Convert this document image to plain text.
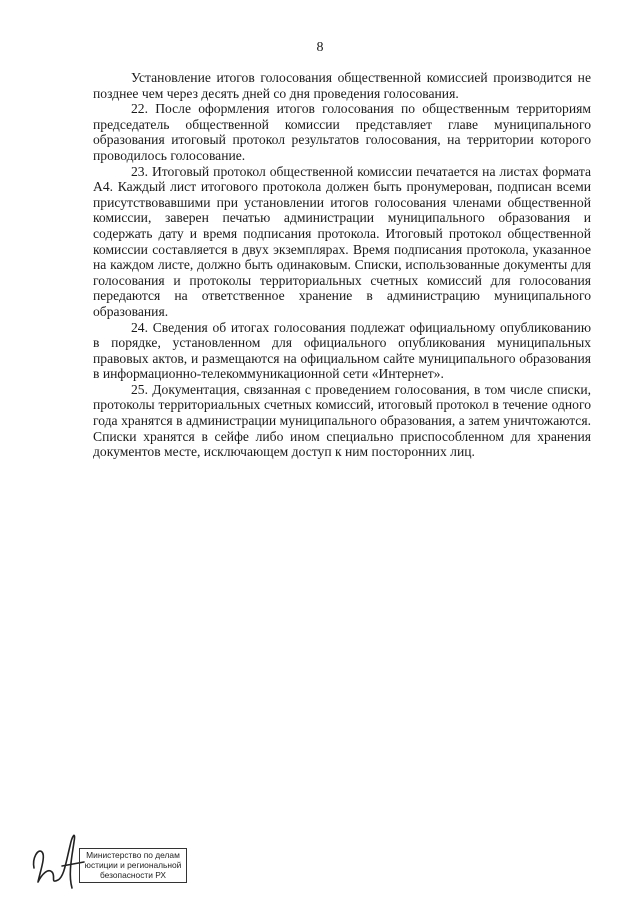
8

Установление итогов голосования общественной комиссией производится не позднее чем через десять дней со дня проведения голосования.

22. После оформления итогов голосования по общественным территориям председатель общественной комиссии представляет главе муниципального образования итоговый протокол результатов голосования, на территории которого проводилось голосование.

23. Итоговый протокол общественной комиссии печатается на листах формата А4. Каждый лист итогового протокола должен быть пронумерован, подписан всеми присутствовавшими при установлении итогов голосования членами общественной комиссии, заверен печатью администрации муниципального образования и содержать дату и время подписания протокола. Итоговый протокол общественной комиссии составляется в двух экземплярах. Время подписания протокола, указанное на каждом листе, должно быть одинаковым. Списки, использованные документы для голосования и протоколы территориальных счетных комиссий для голосования передаются на ответственное хранение в администрацию муниципального образования.

24. Сведения об итогах голосования подлежат официальному опубликованию в порядке, установленном для официального опубликования муниципальных правовых актов, и размещаются на официальном сайте муниципального образования в информационно-телекоммуникационной сети «Интернет».

25. Документация, связанная с проведением голосования, в том числе списки, протоколы территориальных счетных комиссий, итоговый протокол в течение одного года хранятся в администрации муниципального образования, а затем уничтожаются. Списки хранятся в сейфе либо ином специально приспособленном для хранения документов месте, исключающем доступ к ним посторонних лиц.

Министерство по делам
юстиции и региональной
безопасности РХ
